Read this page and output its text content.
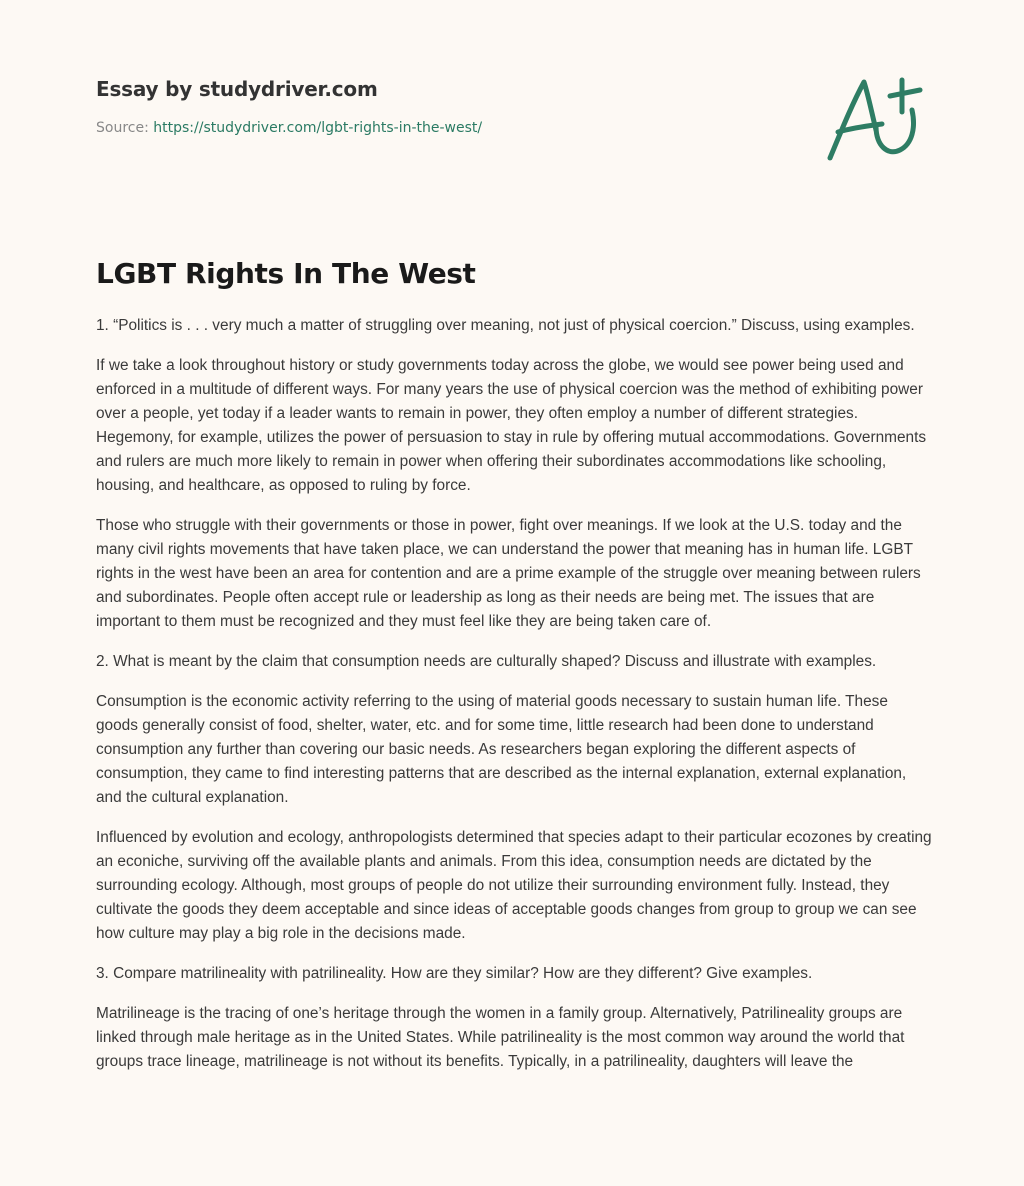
Essay by studydriver.com
Source: https://studydriver.com/lgbt-rights-in-the-west/
LGBT Rights In The West

1. “Politics is . . . very much a matter of struggling over meaning, not just of physical coercion.” Discuss, using examples.

If we take a look throughout history or study governments today across the globe, we would see power being used and enforced in a multitude of different ways. For many years the use of physical coercion was the method of exhibiting power over a people, yet today if a leader wants to remain in power, they often employ a number of different strategies. Hegemony, for example, utilizes the power of persuasion to stay in rule by offering mutual accommodations. Governments and rulers are much more likely to remain in power when offering their subordinates accommodations like schooling, housing, and healthcare, as opposed to ruling by force.

Those who struggle with their governments or those in power, fight over meanings. If we look at the U.S. today and the many civil rights movements that have taken place, we can understand the power that meaning has in human life. LGBT rights in the west have been an area for contention and are a prime example of the struggle over meaning between rulers and subordinates. People often accept rule or leadership as long as their needs are being met. The issues that are important to them must be recognized and they must feel like they are being taken care of.

2. What is meant by the claim that consumption needs are culturally shaped? Discuss and illustrate with examples.

Consumption is the economic activity referring to the using of material goods necessary to sustain human life. These goods generally consist of food, shelter, water, etc. and for some time, little research had been done to understand consumption any further than covering our basic needs. As researchers began exploring the different aspects of consumption, they came to find interesting patterns that are described as the internal explanation, external explanation, and the cultural explanation.

Influenced by evolution and ecology, anthropologists determined that species adapt to their particular ecozones by creating an econiche, surviving off the available plants and animals. From this idea, consumption needs are dictated by the surrounding ecology. Although, most groups of people do not utilize their surrounding environment fully. Instead, they cultivate the goods they deem acceptable and since ideas of acceptable goods changes from group to group we can see how culture may play a big role in the decisions made.

3. Compare matrilineality with patrilineality. How are they similar? How are they different? Give examples.

Matrilineage is the tracing of one’s heritage through the women in a family group. Alternatively, Patrilineality groups are linked through male heritage as in the United States. While patrilineality is the most common way around the world that groups trace lineage, matrilineage is not without its benefits. Typically, in a patrilineality, daughters will leave the
